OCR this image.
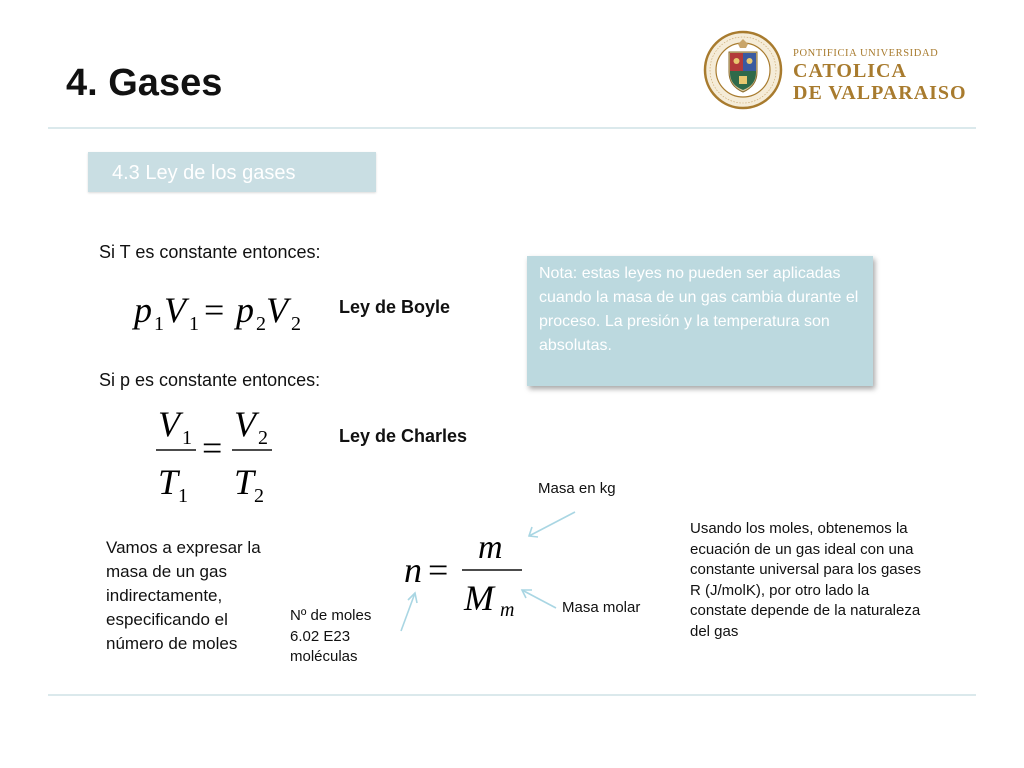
4. Gases
PONTIFICIA UNIVERSIDAD
CATOLICA
DE VALPARAISO
4.3 Ley de los gases
Si T es constante entonces:
p 1 V 1 = p 2 V 2
Ley de Boyle
Nota: estas leyes no pueden ser aplicadas cuando la masa de un gas cambia durante el proceso. La presión y la temperatura son absolutas.
Si p es constante entonces:
V 1
T 1
=
V 2
T 2
Ley de Charles
Masa en kg
Vamos a expresar la masa de un gas indirectamente, especificando el número de moles
n =
m
M m	Masa molar
Nº de moles
6.02 E23
moléculas
Usando los moles, obtenemos la ecuación de un gas ideal con una constante universal para los gases R (J/molK), por otro lado la constate depende de la naturaleza del gas
